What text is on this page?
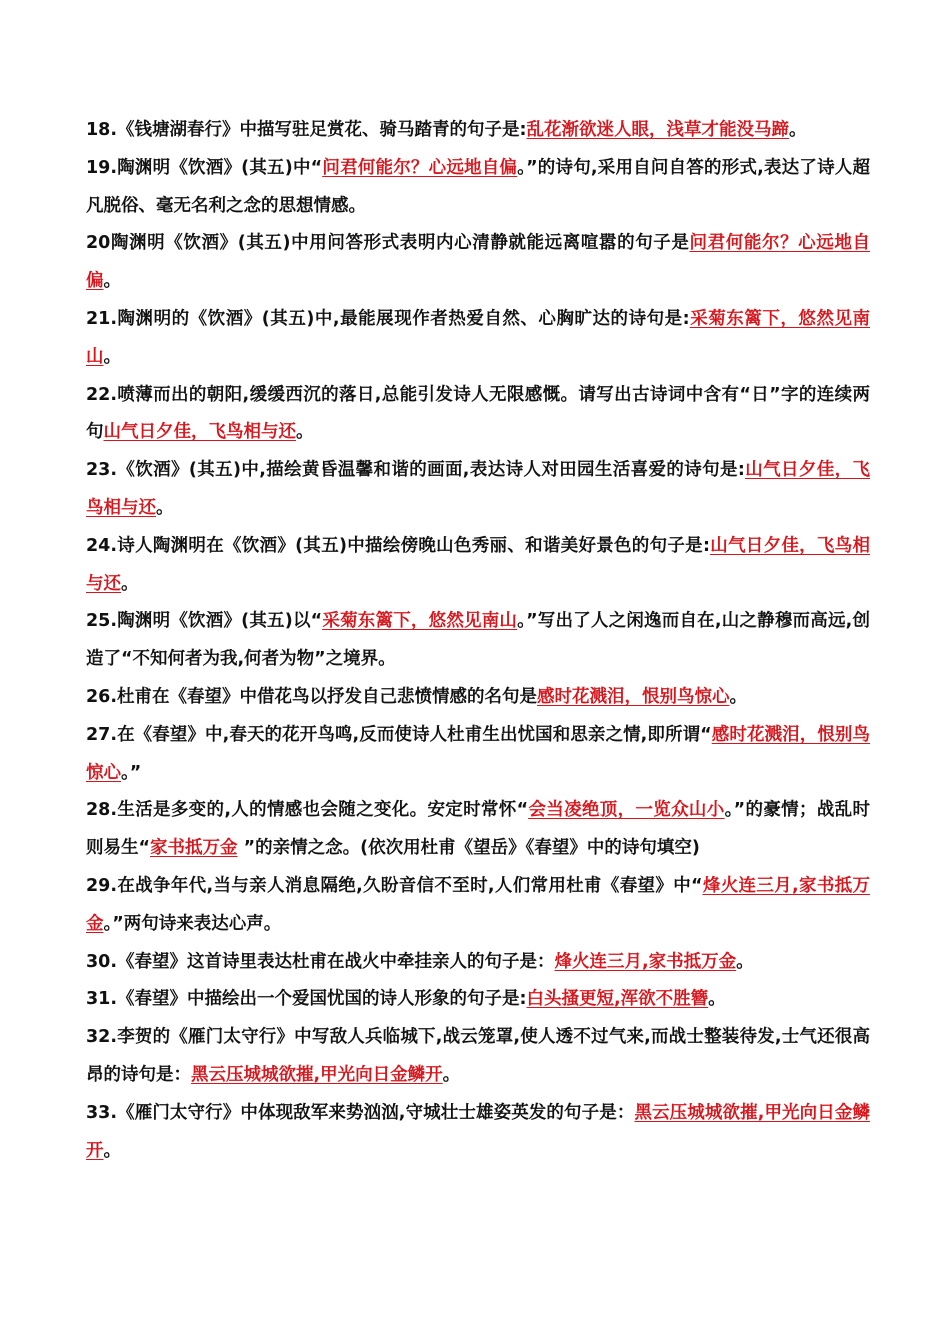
18.《钱塘湖春行》中描写驻足赏花、骑马踏青的句子是:乱花渐欲迷人眼，浅草才能没马蹄。

19.陶渊明《饮酒》(其五)中“问君何能尔？心远地自偏。”的诗句,采用自问自答的形式,表达了诗人超凡脱俗、毫无名利之念的思想情感。

20陶渊明《饮酒》(其五)中用问答形式表明内心清静就能远离喧嚣的句子是问君何能尔？心远地自偏。

21.陶渊明的《饮酒》(其五)中,最能展现作者热爱自然、心胸旷达的诗句是:采菊东篱下，悠然见南山。

22.喷薄而出的朝阳,缓缓西沉的落日,总能引发诗人无限感慨。请写出古诗词中含有“日”字的连续两句山气日夕佳，飞鸟相与还。

23.《饮酒》(其五)中,描绘黄昏温馨和谐的画面,表达诗人对田园生活喜爱的诗句是:山气日夕佳，飞鸟相与还。

24.诗人陶渊明在《饮酒》(其五)中描绘傍晚山色秀丽、和谐美好景色的句子是:山气日夕佳，飞鸟相与还。

25.陶渊明《饮酒》(其五)以“采菊东篱下，悠然见南山。”写出了人之闲逸而自在,山之静穆而高远,创造了“不知何者为我,何者为物”之境界。

26.杜甫在《春望》中借花鸟以抒发自己悲愤情感的名句是感时花溅泪，恨别鸟惊心。

27.在《春望》中,春天的花开鸟鸣,反而使诗人杜甫生出忧国和思亲之情,即所谓“感时花溅泪，恨别鸟惊心。”

28.生活是多变的,人的情感也会随之变化。安定时常怀“会当凌绝顶，一览众山小。”的豪情；战乱时则易生“家书抵万金 ”的亲情之念。(依次用杜甫《望岳》《春望》中的诗句填空)

29.在战争年代,当与亲人消息隔绝,久盼音信不至时,人们常用杜甫《春望》中“烽火连三月,家书抵万金。”两句诗来表达心声。

30.《春望》这首诗里表达杜甫在战火中牵挂亲人的句子是：烽火连三月,家书抵万金。

31.《春望》中描绘出一个爱国忧国的诗人形象的句子是:白头搔更短,浑欲不胜簪。

32.李贺的《雁门太守行》中写敌人兵临城下,战云笼罩,使人透不过气来,而战士整装待发,士气还很高昂的诗句是：黑云压城城欲摧,甲光向日金鳞开。

33.《雁门太守行》中体现敌军来势汹汹,守城壮士雄姿英发的句子是：黑云压城城欲摧,甲光向日金鳞开。
